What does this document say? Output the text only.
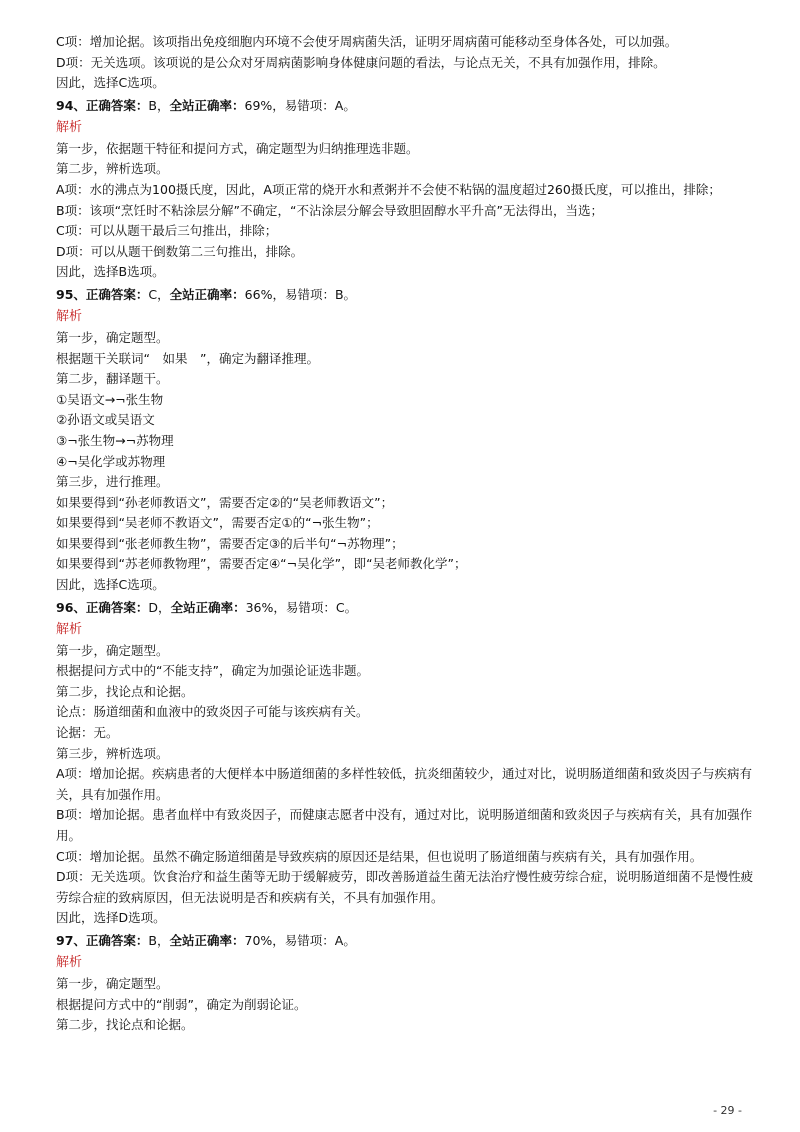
C项：增加论据。该项指出免疫细胞内环境不会使牙周病菌失活，证明牙周病菌可能移动至身体各处，可以加强。
D项：无关选项。该项说的是公众对牙周病菌影响身体健康问题的看法，与论点无关，不具有加强作用，排除。
因此，选择C选项。
94、正确答案：B，全站正确率：69%，易错项：A。
解析
第一步，依据题干特征和提问方式，确定题型为归纳推理选非题。
第二步，辨析选项。
A项：水的沸点为100摄氏度，因此，A项正常的烧开水和煮粥并不会使不粘锅的温度超过260摄氏度，可以推出，排除；
B项：该项“烹饪时不粘涂层分解”不确定，“不沾涂层分解会导致胆固醇水平升高”无法得出，当选；
C项：可以从题干最后三句推出，排除；
D项：可以从题干倒数第二三句推出，排除。
因此，选择B选项。
95、正确答案：C，全站正确率：66%，易错项：B。
解析
第一步，确定题型。
根据题干关联词“　如果　”，确定为翻译推理。
第二步，翻译题干。
①吴语文→¬张生物
②孙语文或吴语文
③¬张生物→¬苏物理
④¬吴化学或苏物理
第三步，进行推理。
如果要得到“孙老师教语文”，需要否定②的“吴老师教语文”；
如果要得到“吴老师不教语文”，需要否定①的“¬张生物”；
如果要得到“张老师教生物”，需要否定③的后半句“¬苏物理”；
如果要得到“苏老师教物理”，需要否定④“¬吴化学”，即“吴老师教化学”；
因此，选择C选项。
96、正确答案：D，全站正确率：36%，易错项：C。
解析
第一步，确定题型。
根据提问方式中的“不能支持”，确定为加强论证选非题。
第二步，找论点和论据。
论点：肠道细菌和血液中的致炎因子可能与该疾病有关。
论据：无。
第三步，辨析选项。
A项：增加论据。疾病患者的大便样本中肠道细菌的多样性较低，抗炎细菌较少，通过对比，说明肠道细菌和致炎因子与疾病有关，具有加强作用。
B项：增加论据。患者血样中有致炎因子，而健康志愿者中没有，通过对比，说明肠道细菌和致炎因子与疾病有关，具有加强作用。
C项：增加论据。虽然不确定肠道细菌是导致疾病的原因还是结果，但也说明了肠道细菌与疾病有关，具有加强作用。
D项：无关选项。饮食治疗和益生菌等无助于缓解疲劳，即改善肠道益生菌无法治疗慢性疲劳综合症，说明肠道细菌不是慢性疲劳综合症的致病原因，但无法说明是否和疾病有关，不具有加强作用。
因此，选择D选项。
97、正确答案：B，全站正确率：70%，易错项：A。
解析
第一步，确定题型。
根据提问方式中的“削弱”，确定为削弱论证。
第二步，找论点和论据。
- 29 -
